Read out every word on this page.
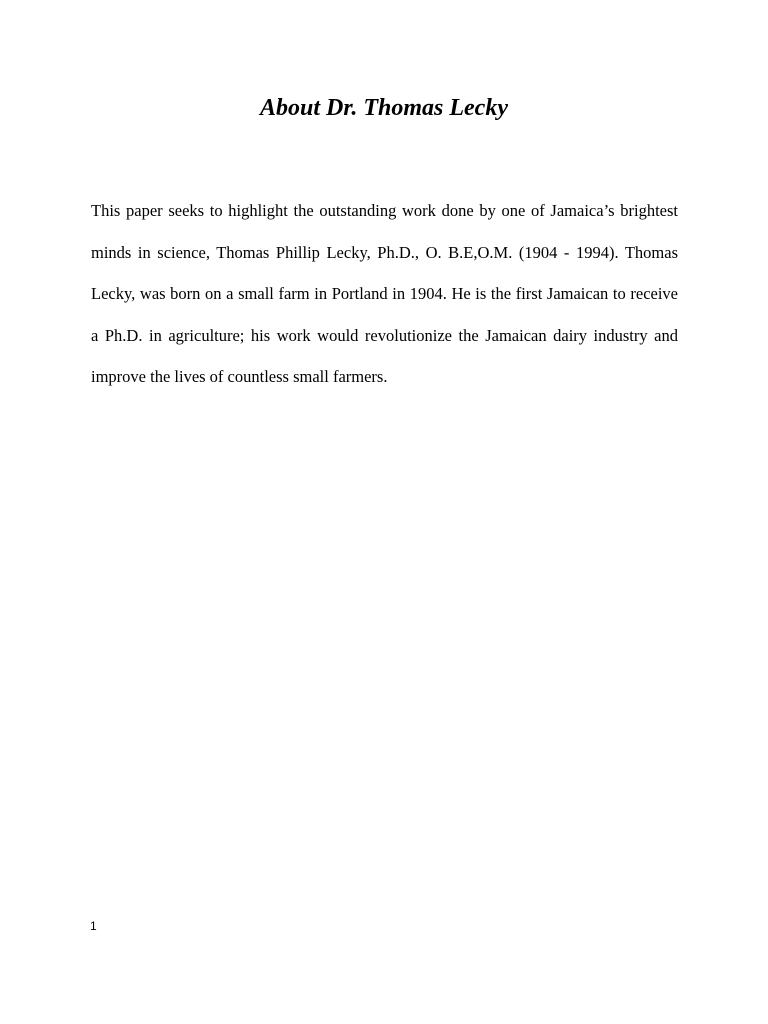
About Dr. Thomas Lecky

This paper seeks to highlight the outstanding work done by one of Jamaica’s brightest minds in science, Thomas Phillip Lecky, Ph.D., O. B.E,O.M. (1904 - 1994). Thomas Lecky, was born on a small farm in Portland in 1904. He is the first Jamaican to receive a Ph.D. in agriculture; his work would revolutionize the Jamaican dairy industry and improve the lives of countless small farmers.

1
